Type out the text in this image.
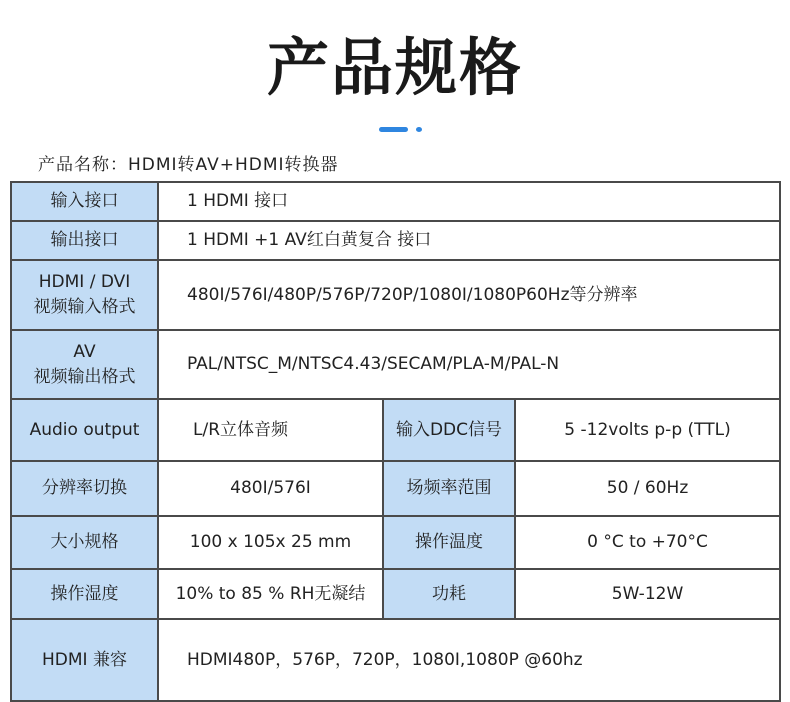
产品规格
产品名称：HDMI转AV+HDMI转换器
输入接口	1 HDMI 接口		
输出接口	1 HDMI +1 AV红白黄复合 接口		

HDMI / DVI
视频输入格式	480I/576I/480P/576P/720P/1080I/1080P60Hz等分辨率		

AV
视频输出格式	PAL/NTSC_M/NTSC4.43/SECAM/PLA-M/PAL-N		
Audio output	L/R立体音频	输入DDC信号	5 -12volts p-p (TTL)
分辨率切换	480I/576I	场频率范围	50 / 60Hz
大小规格	100 x 105x 25 mm	操作温度	0 °C to +70°C
操作湿度	10% to 85 % RH无凝结	功耗	5W-12W
HDMI 兼容	HDMI480P，576P，720P，1080I,1080P @60hz		
